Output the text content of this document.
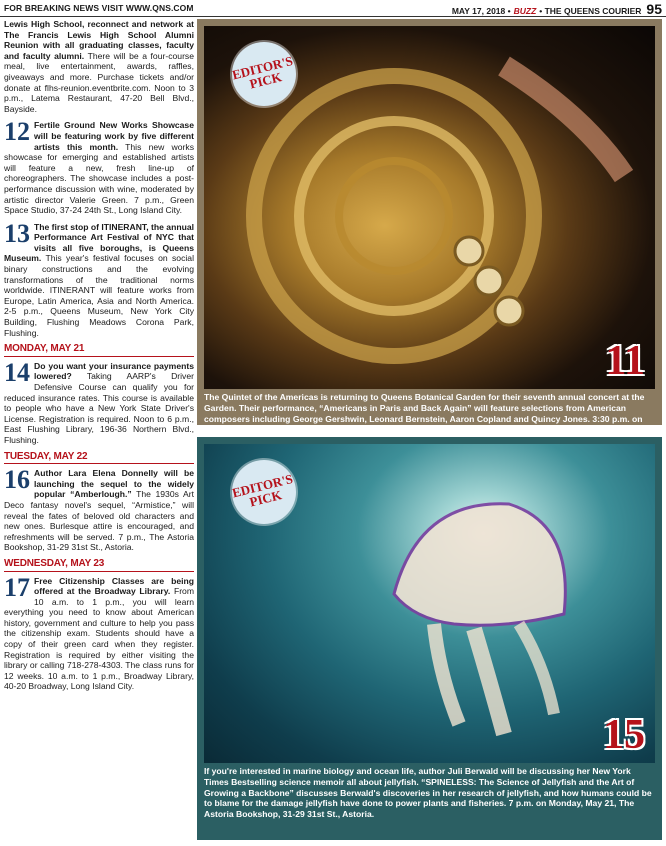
FOR BREAKING NEWS VISIT WWW.QNS.COM	MAY 17, 2018 • BUZZ • THE QUEENS COURIER 95
Lewis High School, reconnect and network at The Francis Lewis High School Alumni Reunion with all graduating classes, faculty and faculty alumni. There will be a four-course meal, live entertainment, awards, raffles, giveaways and more. Purchase tickets and/or donate at flhs-reunion.eventbrite.com. Noon to 3 p.m., Latema Restaurant, 47-20 Bell Blvd., Bayside.
12 Fertile Ground New Works Showcase will be featuring work by five different artists this month. This new works showcase for emerging and established artists will feature a new, fresh line-up of choreographers. The showcase includes a post-performance discussion with wine, moderated by artistic director Valerie Green. 7 p.m., Green Space Studio, 37-24 24th St., Long Island City.
13 The first stop of ITINERANT, the annual Performance Art Festival of NYC that visits all five boroughs, is Queens Museum. This year's festival focuses on social binary constructions and the evolving transformations of the traditional norms worldwide. ITINERANT will feature works from Europe, Latin America, Asia and North America. 2-5 p.m., Queens Museum, New York City Building, Flushing Meadows Corona Park, Flushing.
MONDAY, MAY 21
14 Do you want your insurance payments lowered? Taking AARP's Driver Defensive Course can qualify you for reduced insurance rates. This course is available to people who have a New York State Driver's License. Registration is required. Noon to 6 p.m., East Flushing Library, 196-36 Northern Blvd., Flushing.
TUESDAY, MAY 22
16 Author Lara Elena Donnelly will be launching the sequel to the widely popular “Amberlough.” The 1930s Art Deco fantasy novel's sequel, “Armistice,” will reveal the fates of beloved old characters and new ones. Burlesque attire is encouraged, and refreshments will be served. 7 p.m., The Astoria Bookshop, 31-29 31st St., Astoria.
WEDNESDAY, MAY 23
17 Free Citizenship Classes are being offered at the Broadway Library. From 10 a.m. to 1 p.m., you will learn everything you need to know about American history, government and culture to help you pass the citizenship exam. Students should have a copy of their green card when they register. Registration is required by either visiting the library or calling 718-278-4303. The class runs for 12 weeks. 10 a.m. to 1 p.m., Broadway Library, 40-20 Broadway, Long Island City.
EDITOR'S PICK
11
The Quintet of the Americas is returning to Queens Botanical Garden for their seventh annual concert at the Garden. Their performance, “Americans in Paris and Back Again” will feature selections from American composers including George Gershwin, Leonard Bernstein, Aaron Copland and Quincy Jones. 3:30 p.m. on Sunday, May 20, Queens Botanical Garden, 43-50 Main St., Flushing.
EDITOR'S PICK
15
If you're interested in marine biology and ocean life, author Juli Berwald will be discussing her New York Times Bestselling science memoir all about jellyfish. “SPINELESS: The Science of Jellyfish and the Art of Growing a Backbone” discusses Berwald's discoveries in her research of jellyfish, and how humans could be to blame for the damage jellyfish have done to power plants and fisheries. 7 p.m. on Monday, May 21, The Astoria Bookshop, 31-29 31st St., Astoria.
